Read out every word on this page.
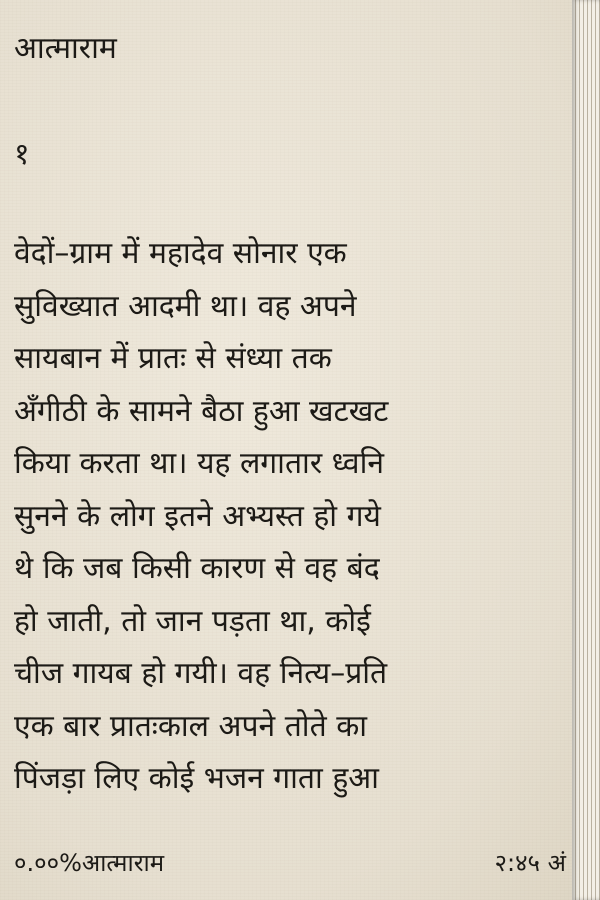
आत्माराम
१
वेदों–ग्राम में महादेव सोनार एक
सुविख्यात आदमी था। वह अपने
सायबान में प्रातः से संध्या तक
अँगीठी के सामने बैठा हुआ खटखट
किया करता था। यह लगातार ध्वनि
सुनने के लोग इतने अभ्यस्त हो गये
थे कि जब किसी कारण से वह बंद
हो जाती, तो जान पड़ता था, कोई
चीज गायब हो गयी। वह नित्य–प्रति
एक बार प्रातःकाल अपने तोते का
पिंजड़ा लिए कोई भजन गाता हुआ
०.००%आत्माराम	२:४५ अं
